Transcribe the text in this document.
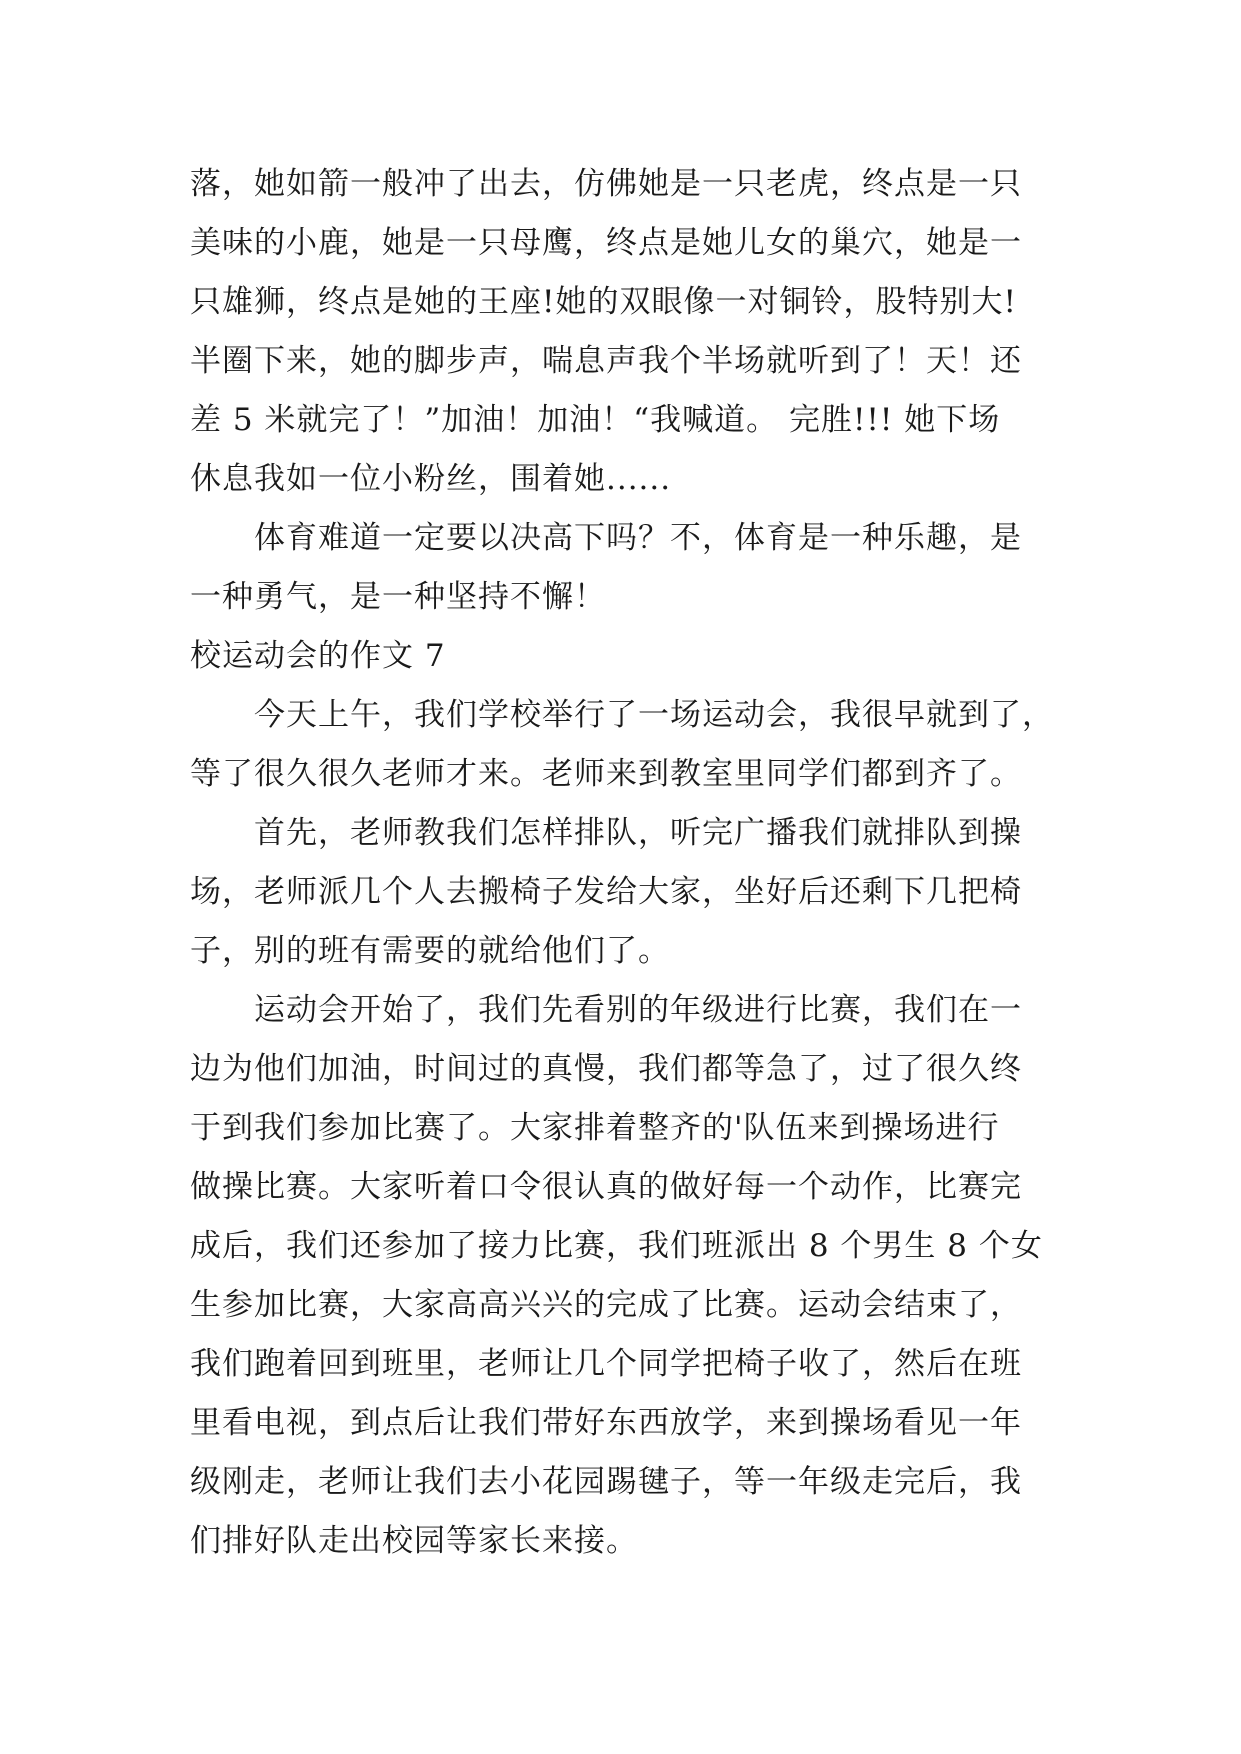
落，她如箭一般冲了出去，仿佛她是一只老虎，终点是一只
美味的小鹿，她是一只母鹰，终点是她儿女的巢穴，她是一
只雄狮，终点是她的王座!她的双眼像一对铜铃，股特别大!
半圈下来，她的脚步声，喘息声我个半场就听到了！天！还
差 5 米就完了！”加油！加油！“我喊道。 完胜!!! 她下场
休息我如一位小粉丝，围着她......
体育难道一定要以决高下吗？不，体育是一种乐趣，是
一种勇气，是一种坚持不懈！
校运动会的作文 7
今天上午，我们学校举行了一场运动会，我很早就到了，
等了很久很久老师才来。老师来到教室里同学们都到齐了。
首先，老师教我们怎样排队，听完广播我们就排队到操
场，老师派几个人去搬椅子发给大家，坐好后还剩下几把椅
子，别的班有需要的就给他们了。
运动会开始了，我们先看别的年级进行比赛，我们在一
边为他们加油，时间过的真慢，我们都等急了，过了很久终
于到我们参加比赛了。大家排着整齐的'队伍来到操场进行
做操比赛。大家听着口令很认真的做好每一个动作，比赛完
成后，我们还参加了接力比赛，我们班派出 8 个男生 8 个女
生参加比赛，大家高高兴兴的完成了比赛。运动会结束了，
我们跑着回到班里，老师让几个同学把椅子收了，然后在班
里看电视，到点后让我们带好东西放学，来到操场看见一年
级刚走，老师让我们去小花园踢毽子，等一年级走完后，我
们排好队走出校园等家长来接。
